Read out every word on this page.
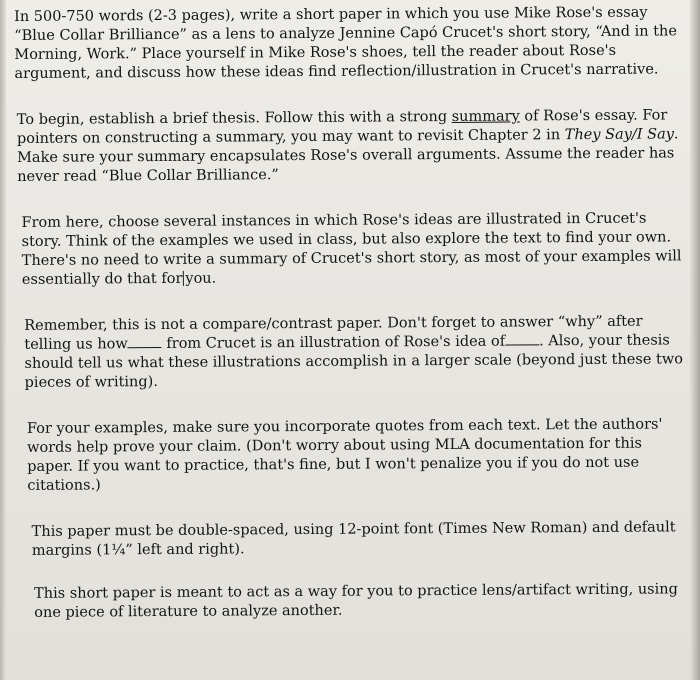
In 500-750 words (2-3 pages), write a short paper in which you use Mike Rose's essay “Blue Collar Brilliance” as a lens to analyze Jennine Capó Crucet's short story, “And in the Morning, Work.” Place yourself in Mike Rose's shoes, tell the reader about Rose's argument, and discuss how these ideas find reflection/illustration in Crucet's narrative.

To begin, establish a brief thesis. Follow this with a strong summary of Rose's essay. For pointers on constructing a summary, you may want to revisit Chapter 2 in They Say/I Say. Make sure your summary encapsulates Rose's overall arguments. Assume the reader has never read “Blue Collar Brilliance.”

From here, choose several instances in which Rose's ideas are illustrated in Crucet's story. Think of the examples we used in class, but also explore the text to find your own. There's no need to write a summary of Crucet's short story, as most of your examples will essentially do that for you.

Remember, this is not a compare/contrast paper. Don't forget to answer “why” after telling us how from Crucet is an illustration of Rose's idea of . Also, your thesis should tell us what these illustrations accomplish in a larger scale (beyond just these two pieces of writing).

For your examples, make sure you incorporate quotes from each text. Let the authors' words help prove your claim. (Don't worry about using MLA documentation for this paper. If you want to practice, that's fine, but I won't penalize you if you do not use citations.)

This paper must be double-spaced, using 12-point font (Times New Roman) and default margins (1¼” left and right).

This short paper is meant to act as a way for you to practice lens/artifact writing, using one piece of literature to analyze another.
